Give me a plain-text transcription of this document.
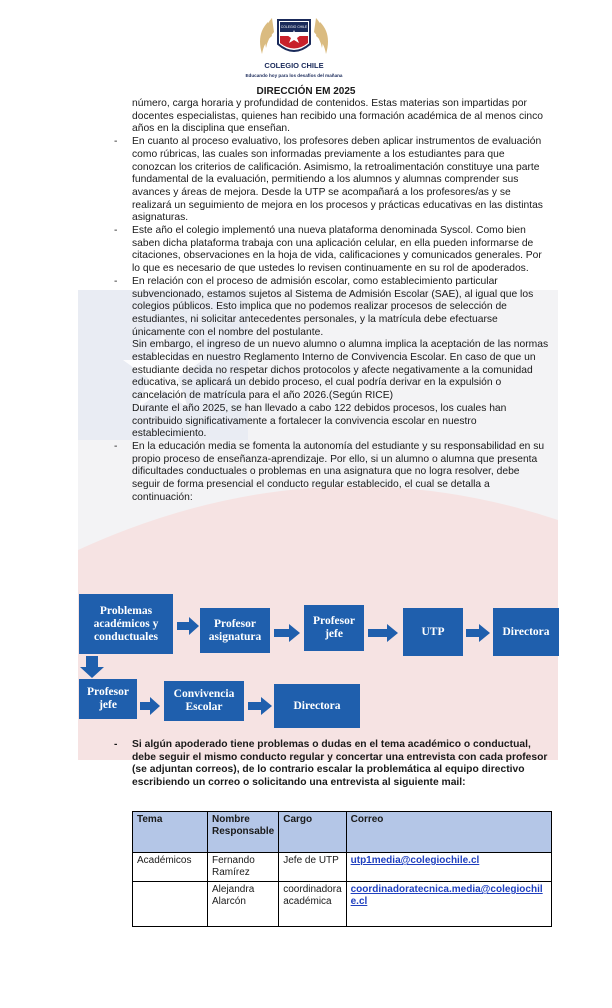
COLEGIO CHILE
COLEGIO CHILE
Educando hoy para los desafíos del mañana
DIRECCIÓN EM 2025

número, carga horaria y profundidad de contenidos. Estas materias son impartidas por docentes especialistas, quienes han recibido una formación académica de al menos cinco años en la disciplina que enseñan.

- En cuanto al proceso evaluativo, los profesores deben aplicar instrumentos de evaluación como rúbricas, las cuales son informadas previamente a los estudiantes para que conozcan los criterios de calificación. Asimismo, la retroalimentación constituye una parte fundamental de la evaluación, permitiendo a los alumnos y alumnas comprender sus avances y áreas de mejora. Desde la UTP se acompañará a los profesores/as y se realizará un seguimiento de mejora en los procesos y prácticas educativas en las distintas asignaturas.

- Este año el colegio implementó una nueva plataforma denominada Syscol. Como bien saben dicha plataforma trabaja con una aplicación celular, en ella pueden informarse de citaciones, observaciones en la hoja de vida, calificaciones y comunicados generales. Por lo que es necesario de que ustedes lo revisen continuamente en su rol de apoderados.

- En relación con el proceso de admisión escolar, como establecimiento particular subvencionado, estamos sujetos al Sistema de Admisión Escolar (SAE), al igual que los colegios públicos. Esto implica que no podemos realizar procesos de selección de estudiantes, ni solicitar antecedentes personales, y la matrícula debe efectuarse únicamente con el nombre del postulante.

Sin embargo, el ingreso de un nuevo alumno o alumna implica la aceptación de las normas establecidas en nuestro Reglamento Interno de Convivencia Escolar. En caso de que un estudiante decida no respetar dichos protocolos y afecte negativamente a la comunidad educativa, se aplicará un debido proceso, el cual podría derivar en la expulsión o cancelación de matrícula para el año 2026.(Según RICE)

Durante el año 2025, se han llevado a cabo 122 debidos procesos, los cuales han contribuido significativamente a fortalecer la convivencia escolar en nuestro establecimiento.

- En la educación media se fomenta la autonomía del estudiante y su responsabilidad en su propio proceso de enseñanza-aprendizaje. Por ello, si un alumno o alumna que presenta dificultades conductuales o problemas en una asignatura que no logra resolver, debe seguir de forma presencial el conducto regular establecido, el cual se detalla a continuación:

Problemas
académicos y
conductuales
Profesor
asignatura
Profesor
jefe	UTP	Directora
Profesor
jefe
Convivencia
Escolar	Directora

- Si algún apoderado tiene problemas o dudas en el tema académico o conductual, debe seguir el mismo conducto regular y concertar una entrevista con cada profesor (se adjuntan correos), de lo contrario escalar la problemática al equipo directivo escribiendo un correo o solicitando una entrevista al siguiente mail:

Tema	Nombre Responsable	Cargo	Correo
Académicos	Fernando Ramírez	Jefe de UTP	utp1media@colegiochile.cl
	Alejandra Alarcón	coordinadora académica	coordinadoratecnica.media@colegiochile.cl
